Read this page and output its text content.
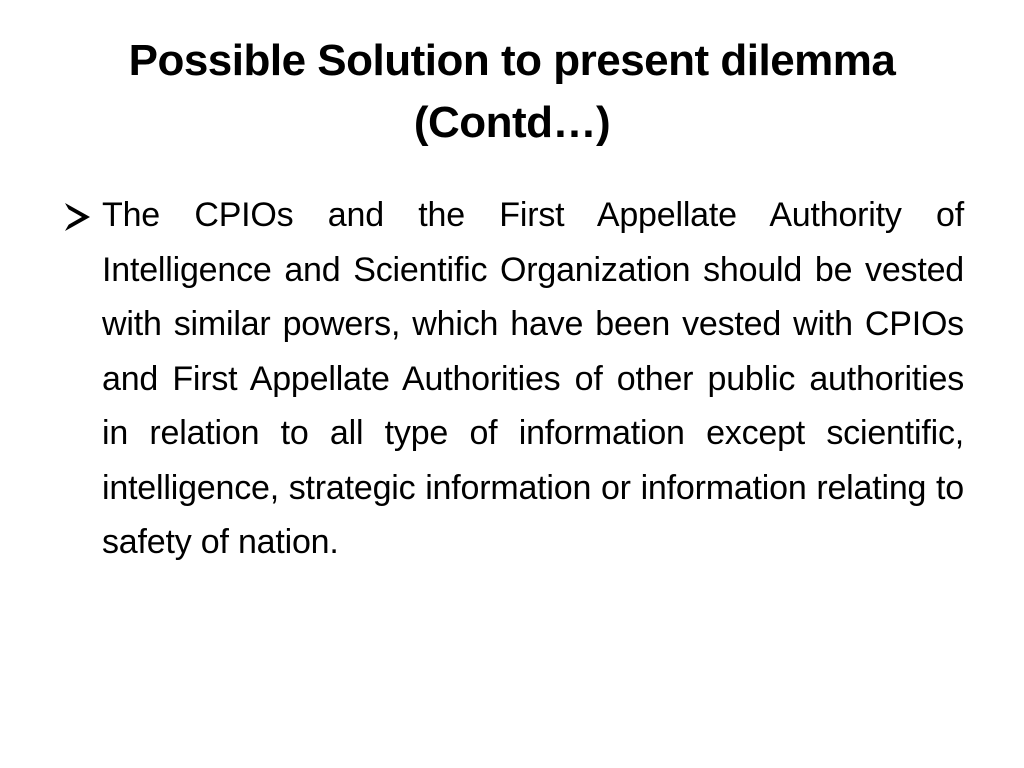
Possible Solution to present dilemma
(Contd…)
The CPIOs and the First Appellate Authority of Intelligence and Scientific Organization should be vested with similar powers, which have been vested with CPIOs and First Appellate Authorities of other public authorities in relation to all type of information except scientific, intelligence, strategic information or information relating to safety of nation.
